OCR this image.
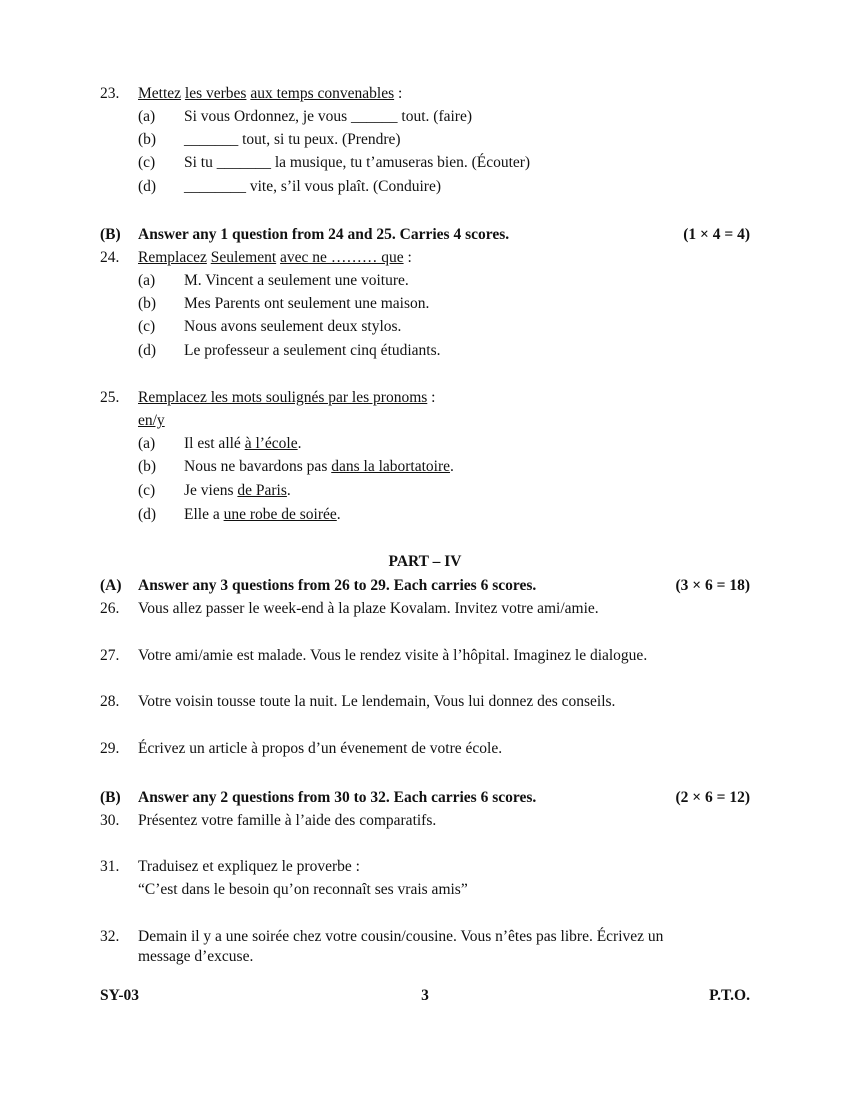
23. Mettez les verbes aux temps convenables :
(a) Si vous Ordonnez, je vous ______ tout. (faire)
(b) _______ tout, si tu peux. (Prendre)
(c) Si tu _______ la musique, tu t’amuseras bien. (Écouter)
(d) ________ vite, s’il vous plaît. (Conduire)
(B) Answer any 1 question from 24 and 25. Carries 4 scores.	(1 × 4 = 4)
24. Remplacez Seulement avec ne ……… que :
(a) M. Vincent a seulement une voiture.
(b) Mes Parents ont seulement une maison.
(c) Nous avons seulement deux stylos.
(d) Le professeur a seulement cinq étudiants.
25. Remplacez les mots soulignés par les pronoms :
en/y
(a) Il est allé à l’école.
(b) Nous ne bavardons pas dans la labortatoire.
(c) Je viens de Paris.
(d) Elle a une robe de soirée.
PART – IV
(A) Answer any 3 questions from 26 to 29. Each carries 6 scores.	(3 × 6 = 18)
26. Vous allez passer le week-end à la plaze Kovalam. Invitez votre ami/amie.
27. Votre ami/amie est malade. Vous le rendez visite à l’hôpital. Imaginez le dialogue.
28. Votre voisin tousse toute la nuit. Le lendemain, Vous lui donnez des conseils.
29. Écrivez un article à propos d’un évenement de votre école.
(B) Answer any 2 questions from 30 to 32. Each carries 6 scores.	(2 × 6 = 12)
30. Présentez votre famille à l’aide des comparatifs.
31. Traduisez et expliquez le proverbe :
“C’est dans le besoin qu’on reconnaît ses vrais amis”
32. Demain il y a une soirée chez votre cousin/cousine. Vous n’êtes pas libre. Écrivez un
message d’excuse.
SY-03	3	P.T.O.
